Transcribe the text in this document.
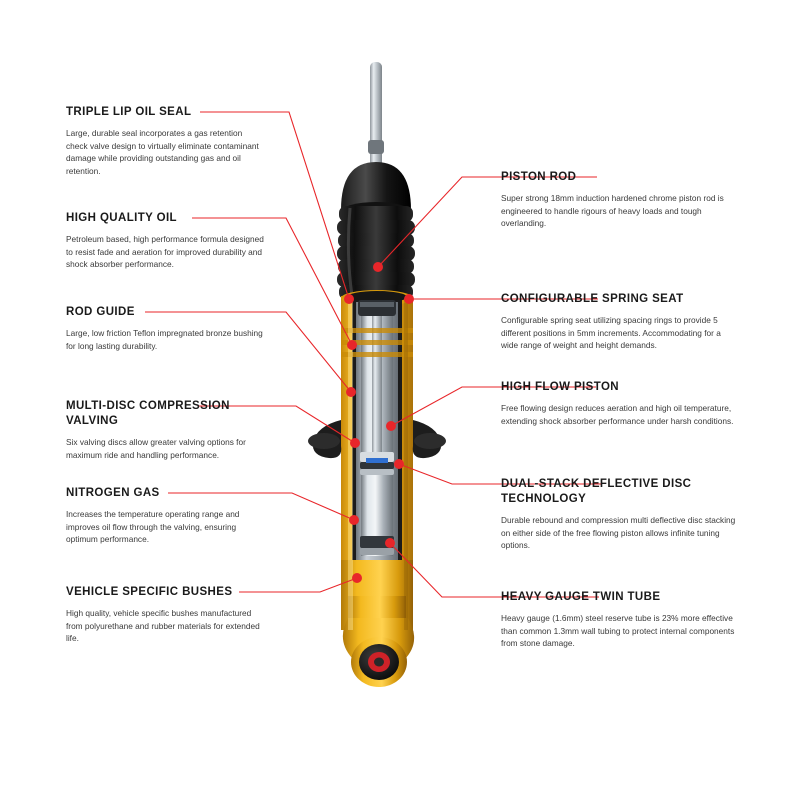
TRIPLE LIP OIL SEAL

Large, durable seal incorporates a gas retention check valve design to virtually eliminate contaminant damage while providing outstanding gas and oil retention.

HIGH QUALITY OIL

Petroleum based, high performance formula designed to resist fade and aeration for improved durability and shock absorber performance.

ROD GUIDE

Large, low friction Teflon impregnated bronze bushing for long lasting durability.

MULTI-DISC COMPRESSION VALVING

Six valving discs allow greater valving options for maximum ride and handling performance.

NITROGEN GAS

Increases the temperature operating range and improves oil flow through the valving, ensuring optimum performance.

VEHICLE SPECIFIC BUSHES

High quality, vehicle specific bushes manufactured from polyurethane and rubber materials for extended life.

PISTON ROD

Super strong 18mm induction hardened chrome piston rod is engineered to handle rigours of heavy loads and tough overlanding.

CONFIGURABLE SPRING SEAT

Configurable spring seat utilizing spacing rings to provide 5 different positions in 5mm increments. Accommodating for a wide range of weight and height demands.

HIGH FLOW PISTON

Free flowing design reduces aeration and high oil temperature, extending shock absorber performance under harsh conditions.

DUAL-STACK DEFLECTIVE DISC TECHNOLOGY

Durable rebound and compression multi deflective disc stacking on either side of the free flowing piston allows infinite tuning options.

HEAVY GAUGE TWIN TUBE

Heavy gauge (1.6mm) steel reserve tube is 23% more effective than common 1.3mm wall tubing to protect internal components from stone damage.
